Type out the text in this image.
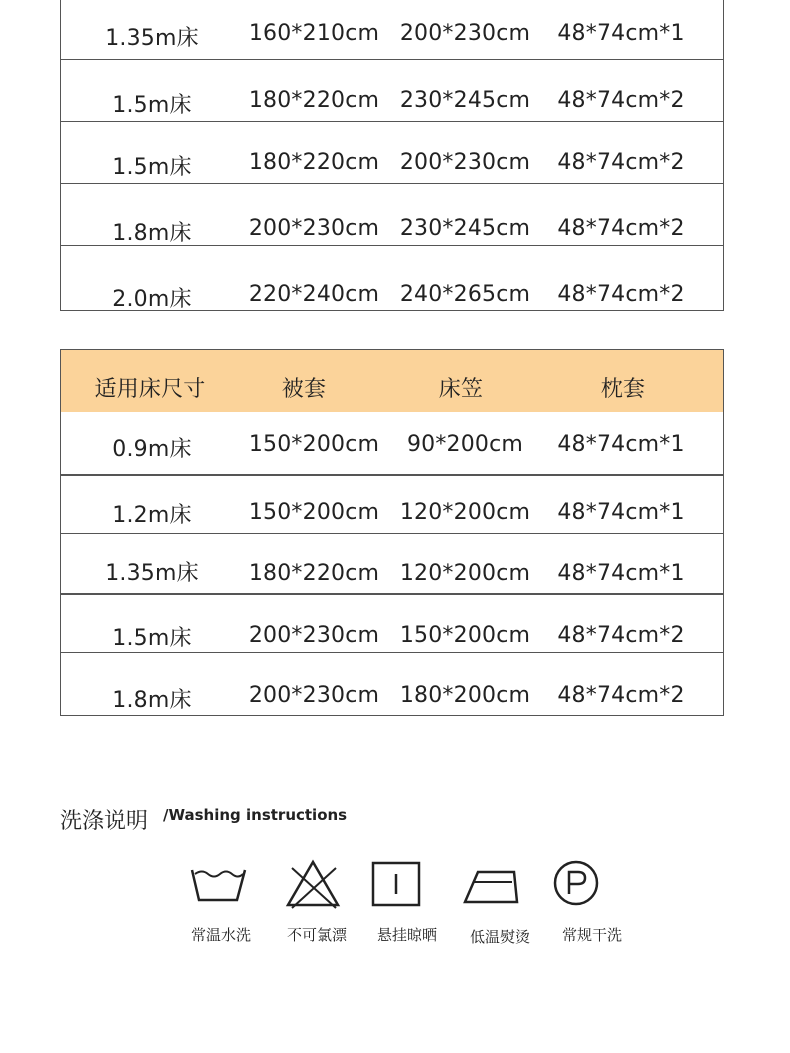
1.35m床 160*210cm 200*230cm 48*74cm*1
1.5m床	180*220cm 230*245cm 48*74cm*2
1.5m床	180*220cm 200*230cm 48*74cm*2
1.8m床	200*230cm 230*245cm 48*74cm*2
2.0m床	220*240cm 240*265cm 48*74cm*2
适用床尺寸	被套	床笠	枕套
0.9m床	150*200cm 90*200cm 48*74cm*1
1.2m床	150*200cm 120*200cm 48*74cm*1
1.35m床 180*220cm 120*200cm 48*74cm*1
1.5m床	200*230cm 150*200cm 48*74cm*2
1.8m床	200*230cm 180*200cm 48*74cm*2
洗涤说明 /Washing instructions
常温水洗 不可氯漂 悬挂晾晒 低温熨烫 常规干洗
